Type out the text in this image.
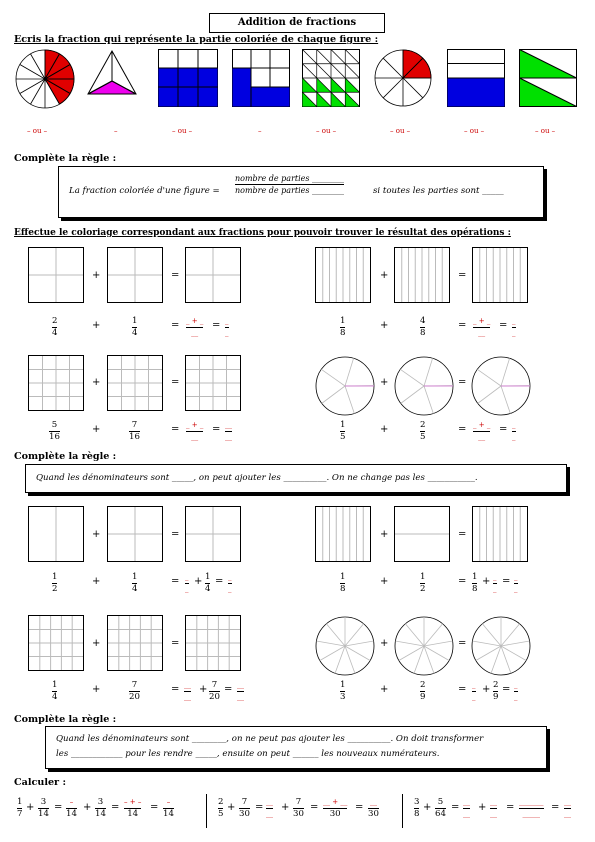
Addition de fractions
Ecris la fraction qui représente la partie coloriée de chaque figure :
– ou –	–	– ou –	–	– ou –	– ou –	– ou –	– ou –
Complète la règle :
La fraction coloriée d'une figure =
nombre de parties ________
nombre de parties ________	si toutes les parties sont _____
Effectue le coloriage correspondant aux fractions pour pouvoir trouver le résultat des opérations :
+	=
2
4
+	1
4
= _ + _
__
= _
_
+	=
1
8
+	4
8
= _ + _
__
= _
_
+	=
5
16
+	7
16
= _ + _
__
= __
__
+	=
1
5
+	2
5
= _ + _
__
= _
_
Complète la règle :
Quand les dénominateurs sont _____, on peut ajouter les __________. On ne change pas les ___________.
+	=
1
2
+	1
4
= _
_
+ 1
4
= _
_
+	=
1
8
+	1
2
= 1
8
+ _
_
= _
_
+	=
1
4
+	7
20
= __
__
+ 7
20
= __
__
+	=
1
3
+	2
9
= _
_
+ 2
9
= _
_
Complète la règle :
Quand les dénominateurs sont ________, on ne peut pas ajouter les __________. On doit transformer
les ____________ pour les rendre _____, ensuite on peut ______ les nouveaux numérateurs.
Calculer :
1
7
+ 3
14
= –
14
+ 3
14
= – + –
14
= –
14
2
5
+ 7
30
= __
__
+ 7
30
= __ + __
30
= __
30
3
8
+ 5
64
= __
__
+ __
__
= _______
_____
= __
__
